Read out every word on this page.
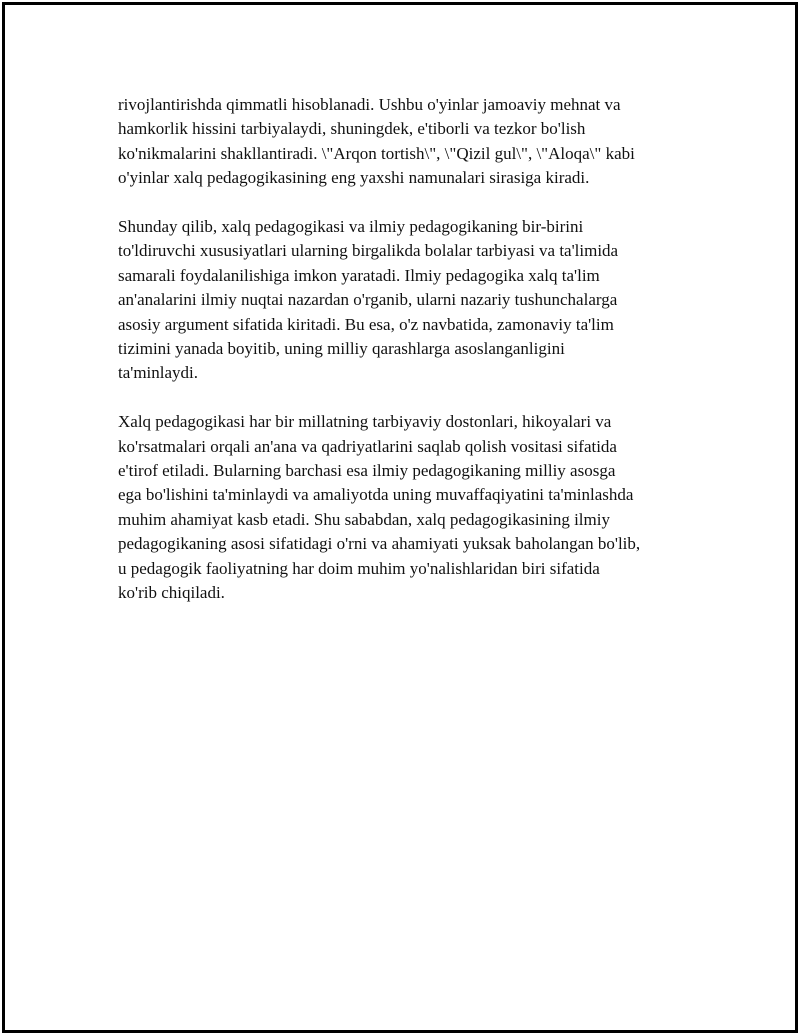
rivojlantirishda qimmatli hisoblanadi. Ushbu o'yinlar jamoaviy mehnat va
hamkorlik hissini tarbiyalaydi, shuningdek, e'tiborli va tezkor bo'lish
ko'nikmalarini shakllantiradi. \"Arqon tortish\", \"Qizil gul\", \"Aloqa\" kabi
o'yinlar xalq pedagogikasining eng yaxshi namunalari sirasiga kiradi.

Shunday qilib, xalq pedagogikasi va ilmiy pedagogikaning bir-birini
to'ldiruvchi xususiyatlari ularning birgalikda bolalar tarbiyasi va ta'limida
samarali foydalanilishiga imkon yaratadi. Ilmiy pedagogika xalq ta'lim
an'analarini ilmiy nuqtai nazardan o'rganib, ularni nazariy tushunchalarga
asosiy argument sifatida kiritadi. Bu esa, o'z navbatida, zamonaviy ta'lim
tizimini yanada boyitib, uning milliy qarashlarga asoslanganligini
ta'minlaydi.

Xalq pedagogikasi har bir millatning tarbiyaviy dostonlari, hikoyalari va
ko'rsatmalari orqali an'ana va qadriyatlarini saqlab qolish vositasi sifatida
e'tirof etiladi. Bularning barchasi esa ilmiy pedagogikaning milliy asosga
ega bo'lishini ta'minlaydi va amaliyotda uning muvaffaqiyatini ta'minlashda
muhim ahamiyat kasb etadi. Shu sababdan, xalq pedagogikasining ilmiy
pedagogikaning asosi sifatidagi o'rni va ahamiyati yuksak baholangan bo'lib,
u pedagogik faoliyatning har doim muhim yo'nalishlaridan biri sifatida
ko'rib chiqiladi.
